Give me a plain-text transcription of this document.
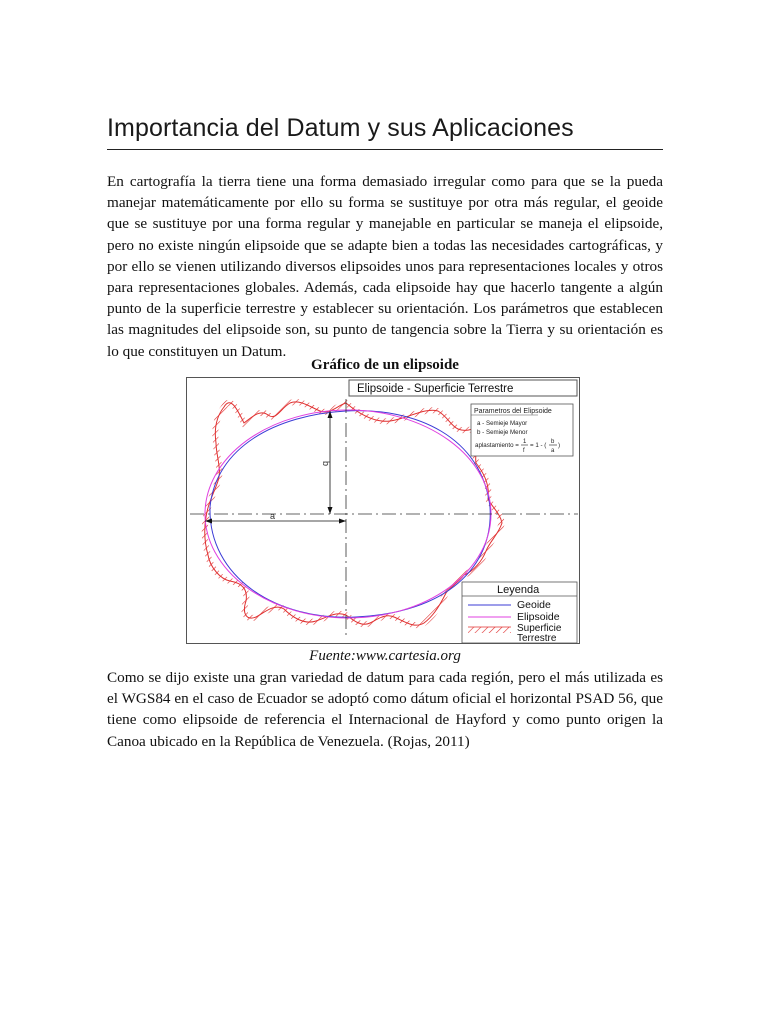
Importancia del Datum y sus Aplicaciones

En cartografía la tierra tiene una forma demasiado irregular como para que se la pueda manejar matemáticamente por ello su forma se sustituye por otra más regular, el geoide que se sustituye por una forma regular y manejable en particular se maneja el elipsoide, pero no existe ningún elipsoide que se adapte bien a todas las necesidades cartográficas, y por ello se vienen utilizando diversos elipsoides unos para representaciones locales y otros para representaciones globales. Además, cada elipsoide hay que hacerlo tangente a algún punto de la superficie terrestre y establecer su orientación. Los parámetros que establecen las magnitudes del elipsoide son, su punto de tangencia sobre la Tierra y su orientación es lo que constituyen un Datum.

Gráfico de un elipsoide

Elipsoide - Superficie Terrestre
a
b
Parametros del Elipsoide
a - Semieje Mayor
b - Semieje Menor
aplastamiento = 1
f
= 1 - ( b
a
)
Leyenda
Geoide
Elipsoide
Superficie
Terrestre

Fuente:www.cartesia.org

Como se dijo existe una gran variedad de datum para cada región, pero el más utilizada es el WGS84 en el caso de Ecuador se adoptó como dátum oficial el horizontal PSAD 56, que tiene como elipsoide de referencia el Internacional de Hayford y como punto origen la Canoa ubicado en la República de Venezuela. (Rojas, 2011)
